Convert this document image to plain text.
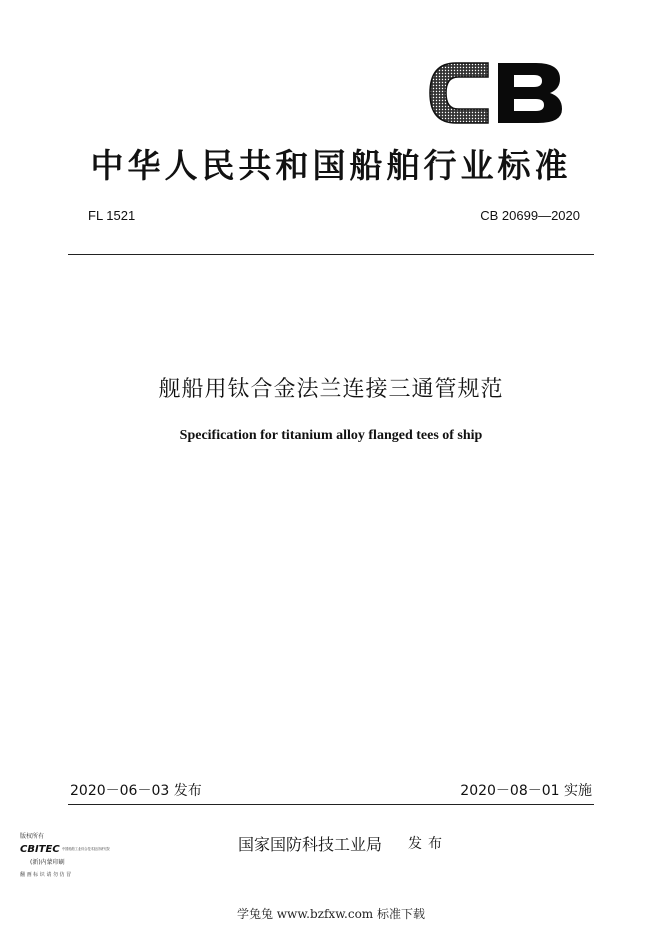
CB
中华人民共和国船舶行业标准
FL 1521	CB 20699—2020
舰船用钛合金法兰连接三通管规范
Specification for titanium alloy flanged tees of ship
2020－06－03 发布	2020－08－01 实施
版权所有
CBITEC 中国船舶工业综合技术经济研究院
(新)内蒙印刷
翻 画 标 识 请 勿 仿 冒
国家国防科技工业局 发布
学兔兔 www.bzfxw.com 标准下载
